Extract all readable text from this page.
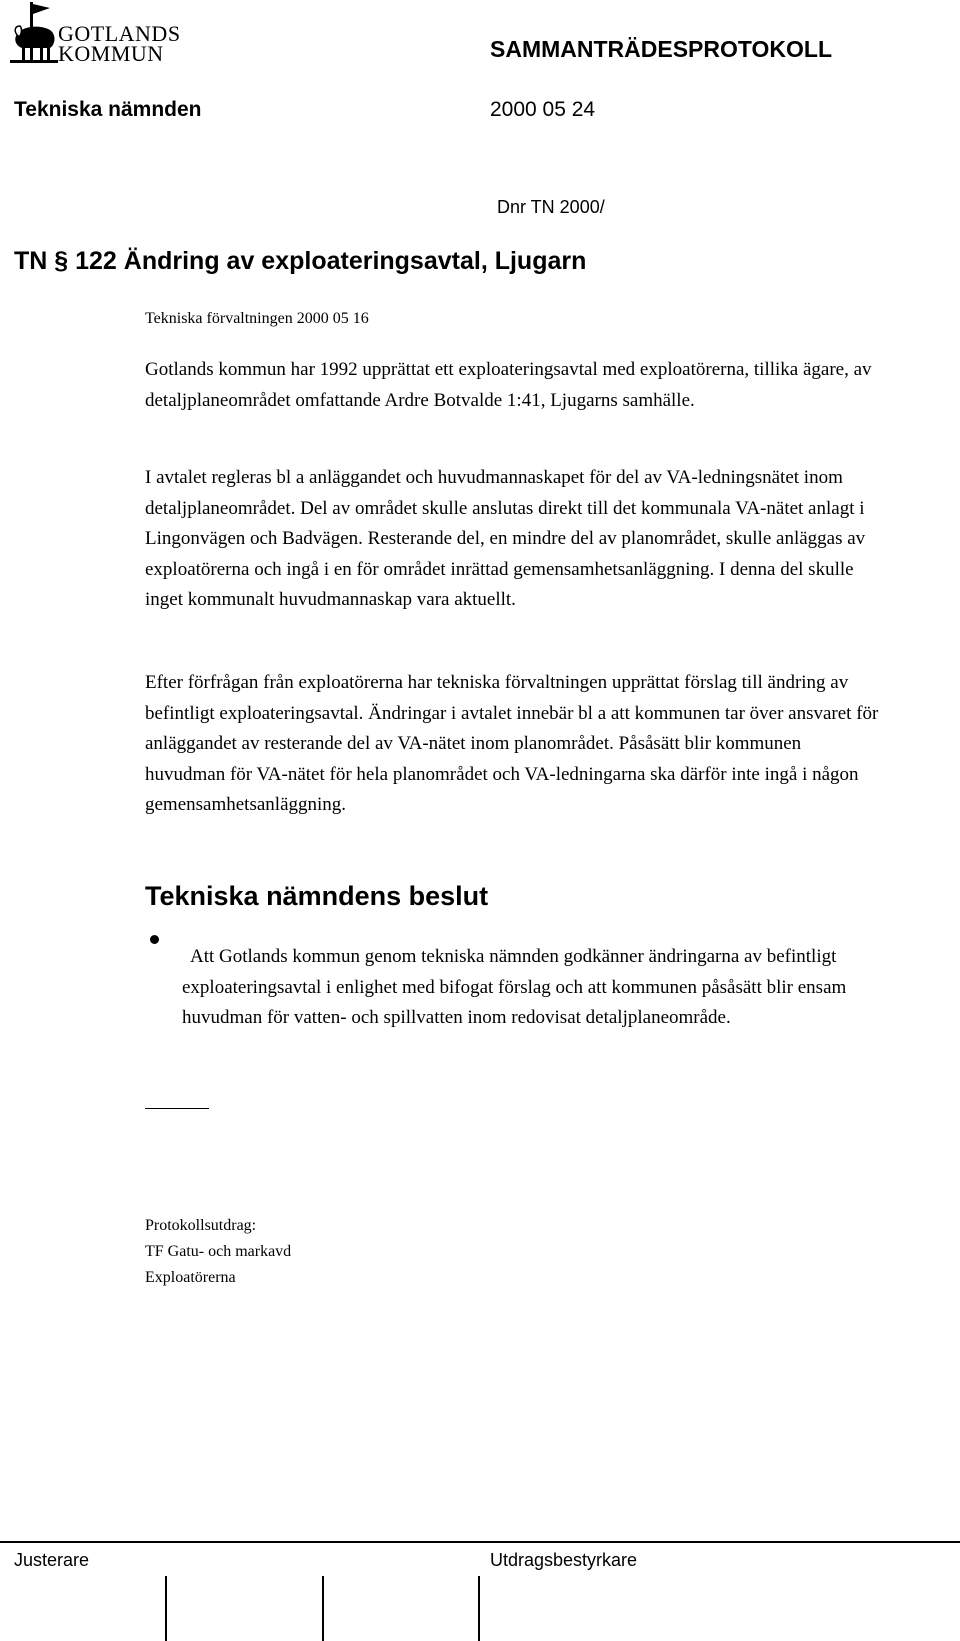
GOTLANDS
KOMMUN	SAMMANTRÄDESPROTOKOLL
Tekniska nämnden	2000 05 24
Dnr TN 2000/
TN § 122 Ändring av exploateringsavtal, Ljugarn
Tekniska förvaltningen 2000 05 16
Gotlands kommun har 1992 upprättat ett exploateringsavtal med exploatörerna, tillika ägare, av detaljplaneområdet omfattande Ardre Botvalde 1:41, Ljugarns samhälle.
I avtalet regleras bl a anläggandet och huvudmannaskapet för del av VA-ledningsnätet inom detaljplaneområdet. Del av området skulle anslutas direkt till det kommunala VA-nätet anlagt i Lingonvägen och Badvägen. Resterande del, en mindre del av planområdet, skulle anläggas av exploatörerna och ingå i en för området inrättad gemensamhetsanläggning. I denna del skulle inget kommunalt huvudmannaskap vara aktuellt.
Efter förfrågan från exploatörerna har tekniska förvaltningen upprättat förslag till ändring av befintligt exploateringsavtal. Ändringar i avtalet innebär bl a att kommunen tar över ansvaret för anläggandet av resterande del av VA-nätet inom planområdet. Påsåsätt blir kommunen huvudman för VA-nätet för hela planområdet och VA-ledningarna ska därför inte ingå i någon gemensamhetsanläggning.
Tekniska nämndens beslut
Att Gotlands kommun genom tekniska nämnden godkänner ändringarna av befintligt exploateringsavtal i enlighet med bifogat förslag och att kommunen påsåsätt blir ensam huvudman för vatten- och spillvatten inom redovisat detaljplaneområde.
Protokollsutdrag:
TF Gatu- och markavd
Exploatörerna
Justerare	Utdragsbestyrkare
